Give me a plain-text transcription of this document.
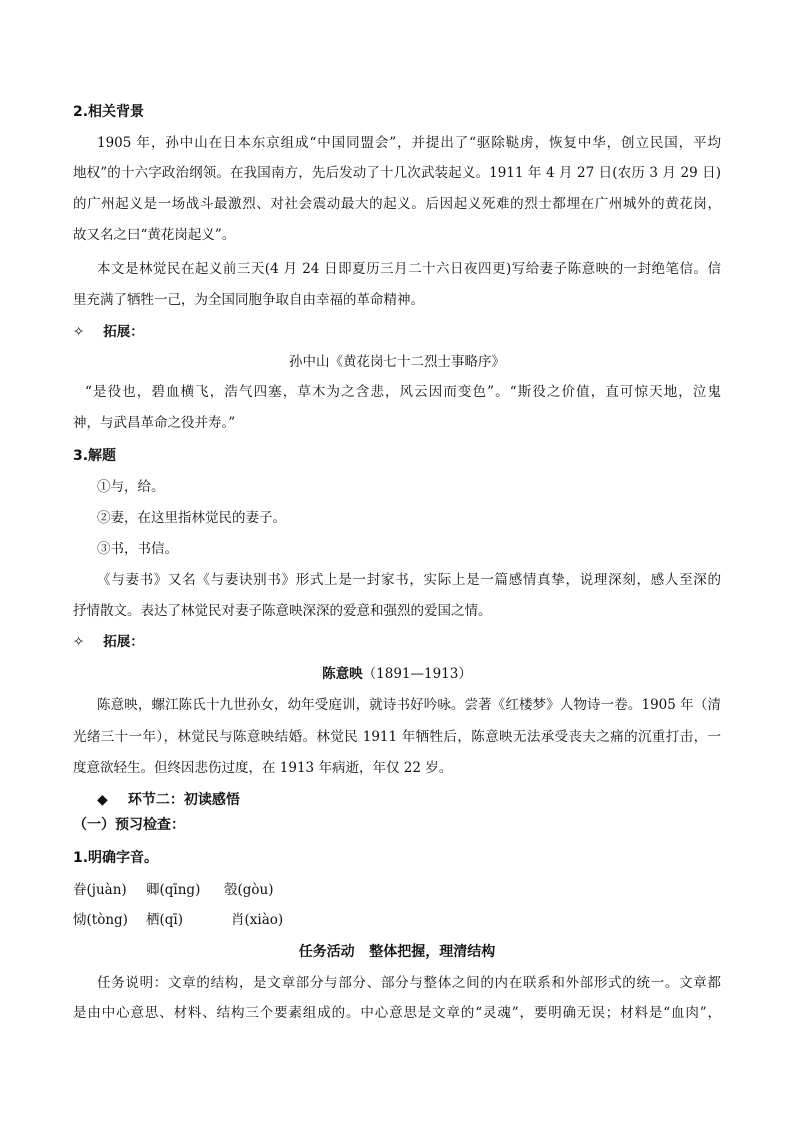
2.相关背景
1905 年，孙中山在日本东京组成“中国同盟会”，并提出了“驱除鞑虏，恢复中华，创立民国，平均
地权”的十六字政治纲领。在我国南方，先后发动了十几次武装起义。1911 年 4 月 27 日(农历 3 月 29 日)
的广州起义是一场战斗最激烈、对社会震动最大的起义。后因起义死难的烈士都埋在广州城外的黄花岗，
故又名之曰“黄花岗起义”。
本文是林觉民在起义前三天(4 月 24 日即夏历三月二十六日夜四更)写给妻子陈意映的一封绝笔信。信
里充满了牺牲一己，为全国同胞争取自由幸福的革命精神。
✧ 拓展：
孙中山《黄花岗七十二烈士事略序》
“是役也，碧血横飞，浩气四塞，草木为之含悲，风云因而变色”。“斯役之价值，直可惊天地，泣鬼
神，与武昌革命之役并寿。”
3.解题
①与，给。
②妻，在这里指林觉民的妻子。
③书，书信。
《与妻书》又名《与妻诀别书》形式上是一封家书，实际上是一篇感情真挚，说理深刻，感人至深的
抒情散文。表达了林觉民对妻子陈意映深深的爱意和强烈的爱国之情。
✧ 拓展：
陈意映（1891—1913）
陈意映，螺江陈氏十九世孙女，幼年受庭训，就诗书好吟咏。尝著《红楼梦》人物诗一卷。1905 年（清
光绪三十一年），林觉民与陈意映结婚。林觉民 1911 年牺牲后，陈意映无法承受丧夫之痛的沉重打击，一
度意欲轻生。但终因悲伤过度，在 1913 年病逝，年仅 22 岁。
◆ 环节二：初读感悟
（一）预习检查：
1.明确字音。
眷(juàn) 卿(qīng) 彀(gòu)
恸(tòng) 栖(qī)	肖(xiào)
任务活动   整体把握，理清结构
任务说明：文章的结构，是文章部分与部分、部分与整体之间的内在联系和外部形式的统一。文章都
是由中心意思、材料、结构三个要素组成的。中心意思是文章的“灵魂”，要明确无误；材料是“血肉”，
